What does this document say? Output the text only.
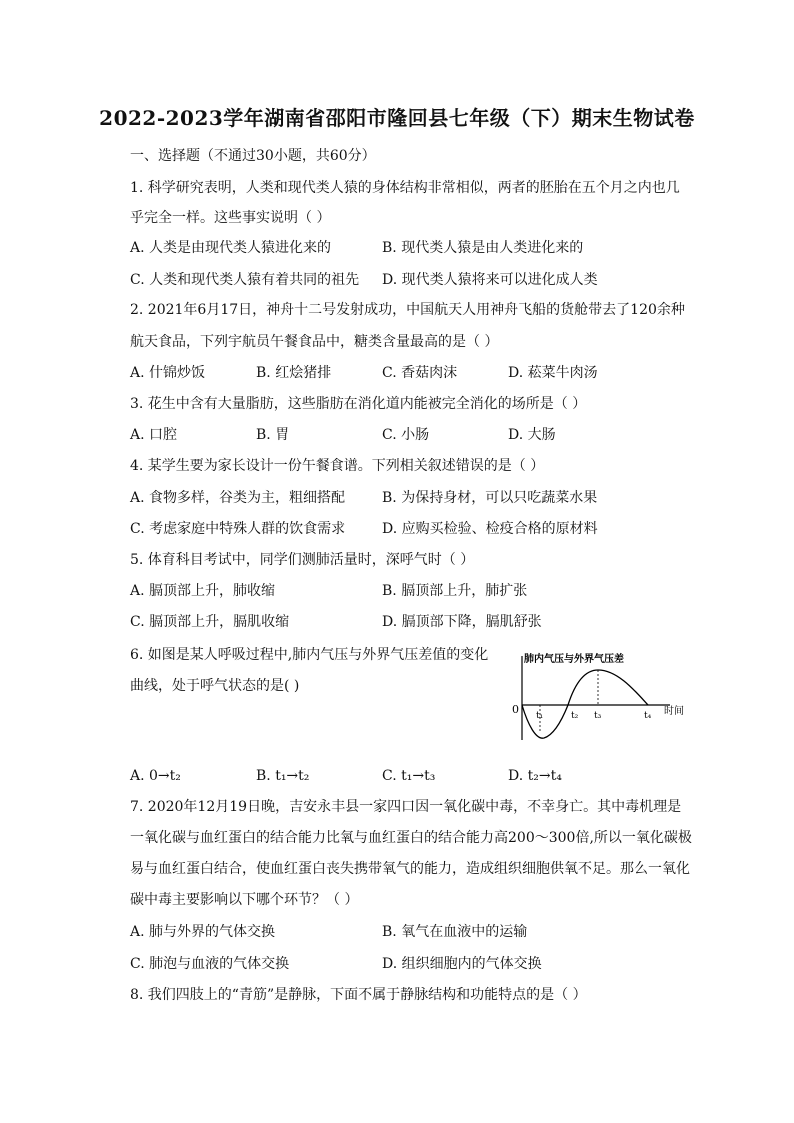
2022-2023学年湖南省邵阳市隆回县七年级（下）期末生物试卷
一、选择题（不通过30小题，共60分）
1. 科学研究表明，人类和现代类人猿的身体结构非常相似，两者的胚胎在五个月之内也几
乎完全一样。这些事实说明（ ）
A. 人类是由现代类人猿进化来的	B. 现代类人猿是由人类进化来的
C. 人类和现代类人猿有着共同的祖先 D. 现代类人猿将来可以进化成人类
2. 2021年6月17日，神舟十二号发射成功，中国航天人用神舟飞船的货舱带去了120余种
航天食品，下列宇航员午餐食品中，糖类含量最高的是（ ）
A. 什锦炒饭	B. 红烩猪排	C. 香菇肉沫	D. 菘菜牛肉汤
3. 花生中含有大量脂肪，这些脂肪在消化道内能被完全消化的场所是（ ）
A. 口腔	B. 胃	C. 小肠	D. 大肠
4. 某学生要为家长设计一份午餐食谱。下列相关叙述错误的是（ ）
A. 食物多样，谷类为主，粗细搭配	B. 为保持身材，可以只吃蔬菜水果
C. 考虑家庭中特殊人群的饮食需求	D. 应购买检验、检疫合格的原材料
5. 体育科目考试中，同学们测肺活量时，深呼气时（ ）
A. 膈顶部上升，肺收缩	B. 膈顶部上升，肺扩张
C. 膈顶部上升，膈肌收缩	D. 膈顶部下降，膈肌舒张
6. 如图是某人呼吸过程中,肺内气压与外界气压差值的变化
曲线，处于呼气状态的是( )
肺内气压与外界气压差
0 t₁	t₂ t₃	t₄ 时间
A. 0→t₂	B. t₁→t₂	C. t₁→t₃	D. t₂→t₄
7. 2020年12月19日晚，吉安永丰县一家四口因一氧化碳中毒，不幸身亡。其中毒机理是
一氧化碳与血红蛋白的结合能力比氧与血红蛋白的结合能力高200～300倍,所以一氧化碳极
易与血红蛋白结合，使血红蛋白丧失携带氧气的能力，造成组织细胞供氧不足。那么一氧化
碳中毒主要影响以下哪个环节？（ ）
A. 肺与外界的气体交换	B. 氧气在血液中的运输
C. 肺泡与血液的气体交换	D. 组织细胞内的气体交换
8. 我们四肢上的“青筋”是静脉，下面不属于静脉结构和功能特点的是（ ）
